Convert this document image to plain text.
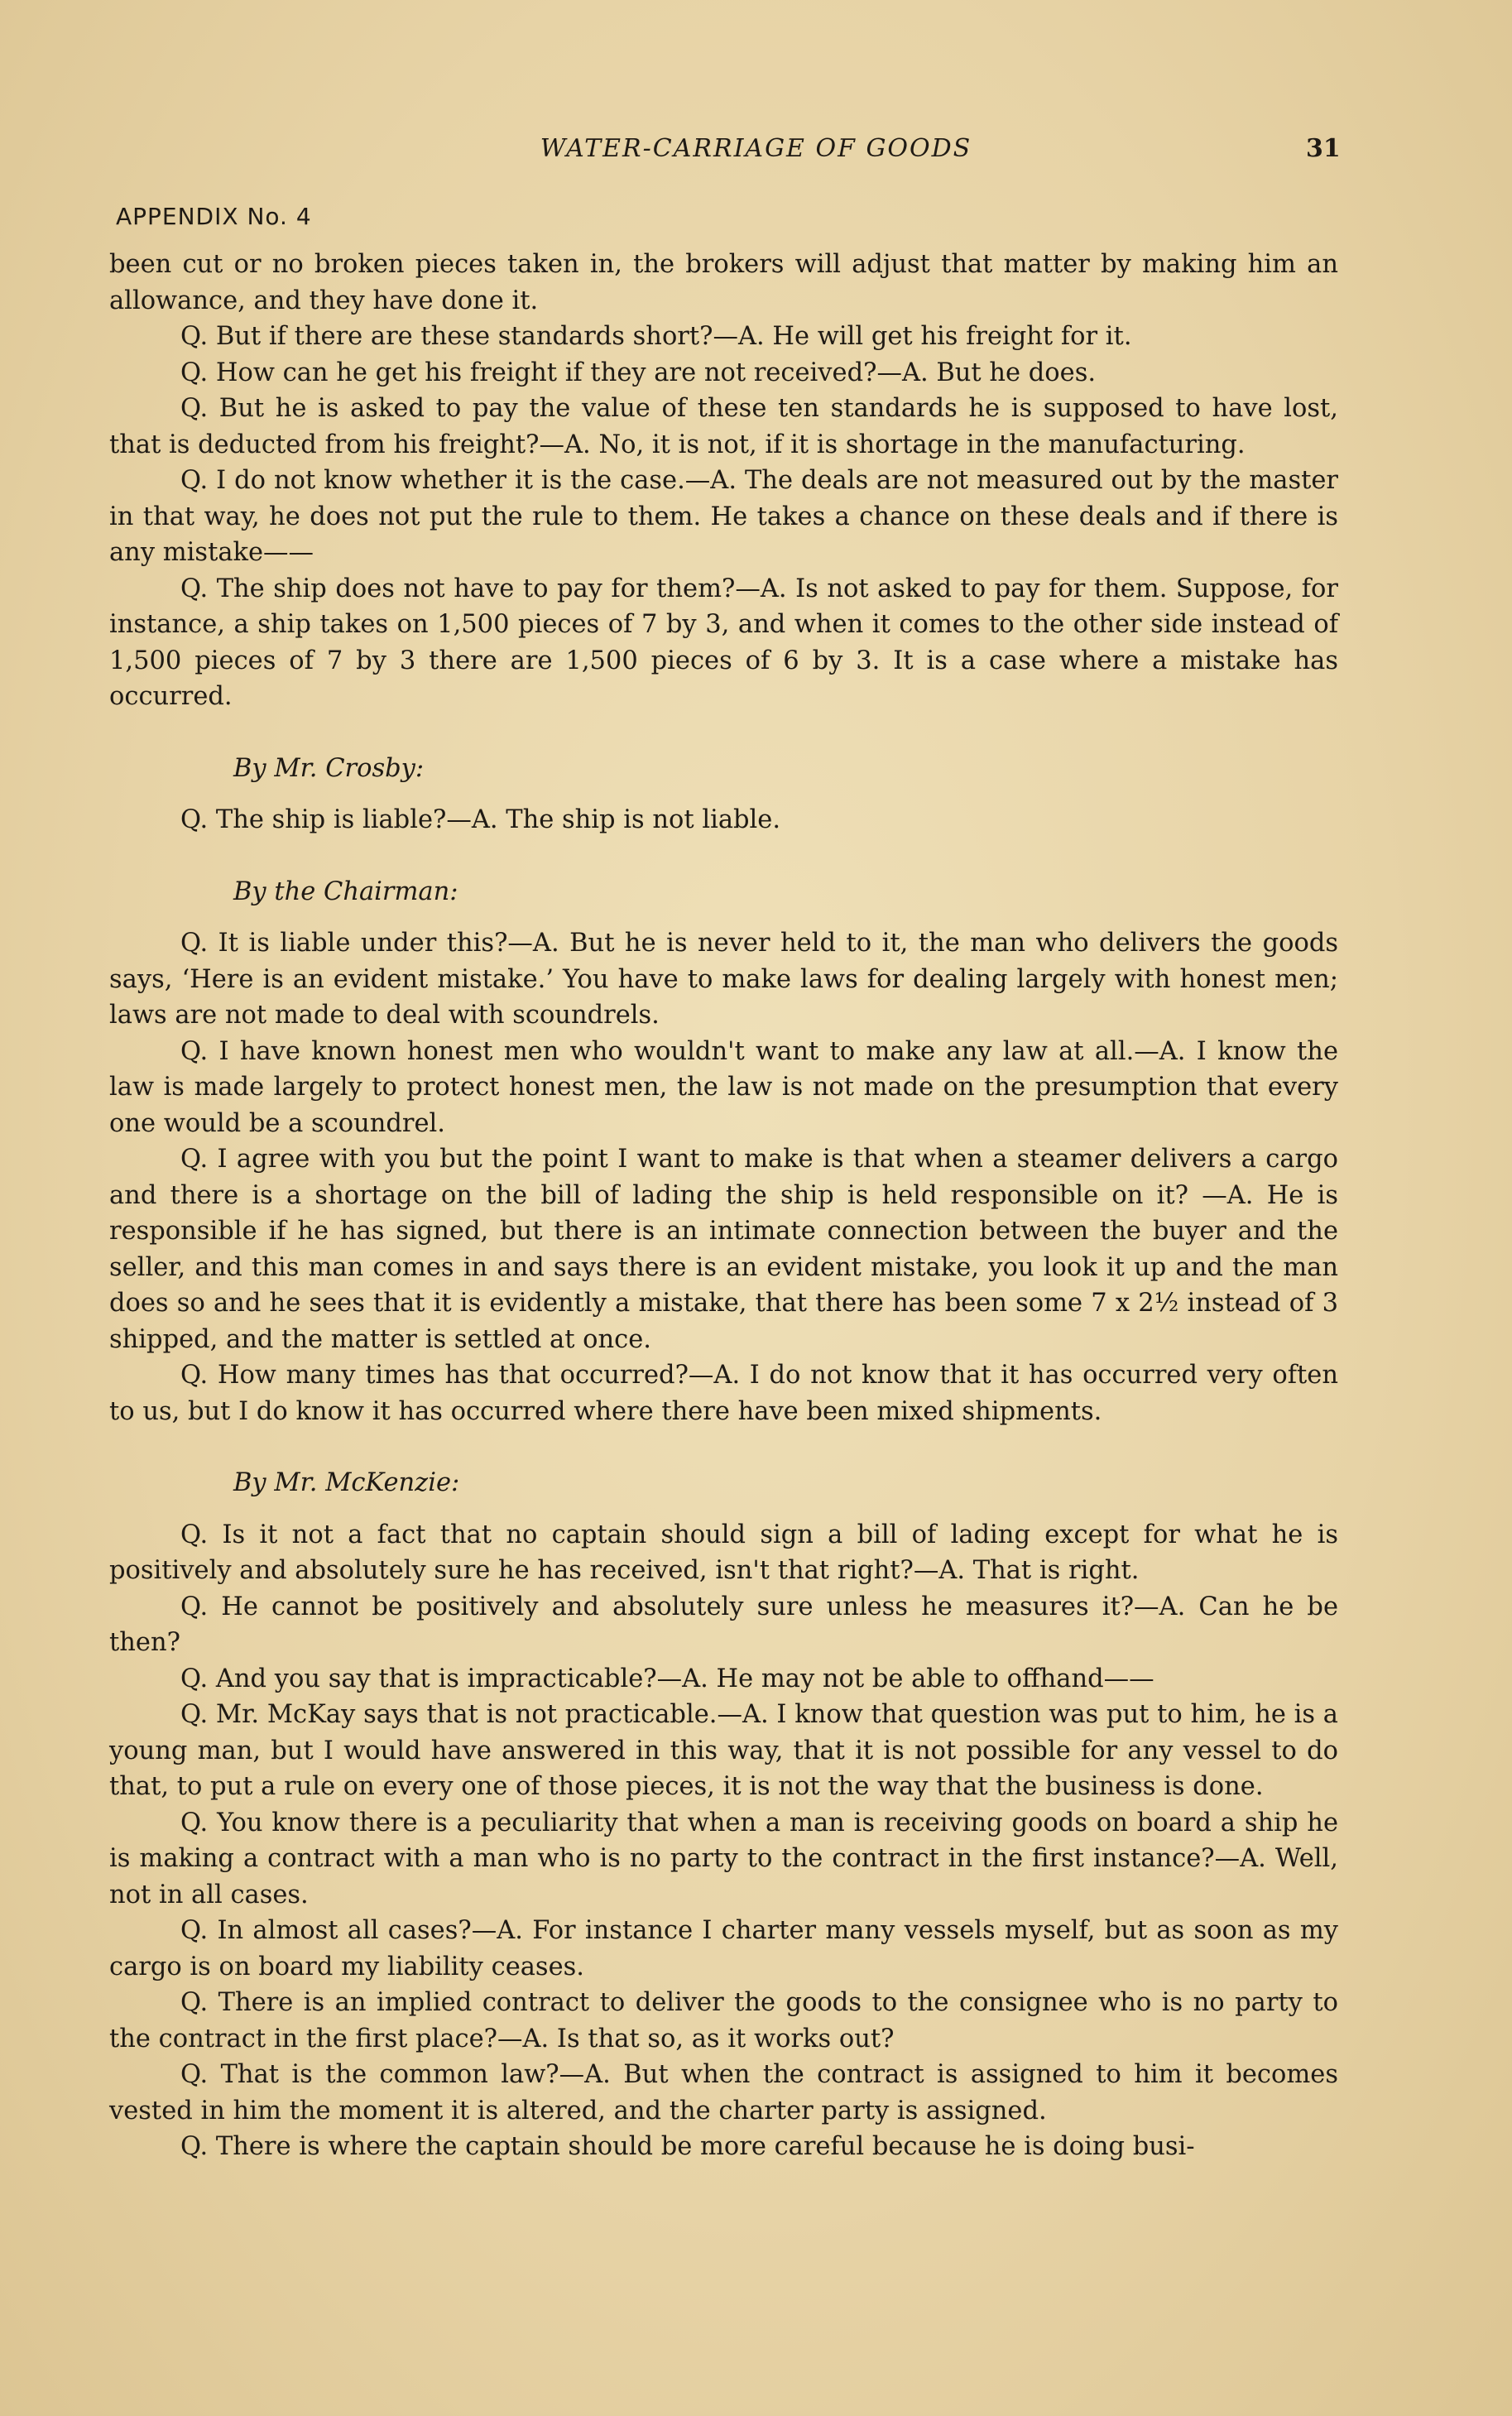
WATER-CARRIAGE OF GOODS	31
APPENDIX No. 4

been cut or no broken pieces taken in, the brokers will adjust that matter by making him an allowance, and they have done it.

Q. But if there are these standards short?—A. He will get his freight for it.

Q. How can he get his freight if they are not received?—A. But he does.

Q. But he is asked to pay the value of these ten standards he is supposed to have lost, that is deducted from his freight?—A. No, it is not, if it is shortage in the manufacturing.

Q. I do not know whether it is the case.—A. The deals are not measured out by the master in that way, he does not put the rule to them. He takes a chance on these deals and if there is any mistake——

Q. The ship does not have to pay for them?—A. Is not asked to pay for them. Suppose, for instance, a ship takes on 1,500 pieces of 7 by 3, and when it comes to the other side instead of 1,500 pieces of 7 by 3 there are 1,500 pieces of 6 by 3. It is a case where a mistake has occurred.

By Mr. Crosby:

Q. The ship is liable?—A. The ship is not liable.

By the Chairman:

Q. It is liable under this?—A. But he is never held to it, the man who delivers the goods says, ‘Here is an evident mistake.’ You have to make laws for dealing largely with honest men; laws are not made to deal with scoundrels.

Q. I have known honest men who wouldn't want to make any law at all.—A. I know the law is made largely to protect honest men, the law is not made on the presumption that every one would be a scoundrel.

Q. I agree with you but the point I want to make is that when a steamer delivers a cargo and there is a shortage on the bill of lading the ship is held responsible on it? —A. He is responsible if he has signed, but there is an intimate connection between the buyer and the seller, and this man comes in and says there is an evident mistake, you look it up and the man does so and he sees that it is evidently a mistake, that there has been some 7 x 2½ instead of 3 shipped, and the matter is settled at once.

Q. How many times has that occurred?—A. I do not know that it has occurred very often to us, but I do know it has occurred where there have been mixed shipments.

By Mr. McKenzie:

Q. Is it not a fact that no captain should sign a bill of lading except for what he is positively and absolutely sure he has received, isn't that right?—A. That is right.

Q. He cannot be positively and absolutely sure unless he measures it?—A. Can he be then?

Q. And you say that is impracticable?—A. He may not be able to offhand——

Q. Mr. McKay says that is not practicable.—A. I know that question was put to him, he is a young man, but I would have answered in this way, that it is not possible for any vessel to do that, to put a rule on every one of those pieces, it is not the way that the business is done.

Q. You know there is a peculiarity that when a man is receiving goods on board a ship he is making a contract with a man who is no party to the contract in the first instance?—A. Well, not in all cases.

Q. In almost all cases?—A. For instance I charter many vessels myself, but as soon as my cargo is on board my liability ceases.

Q. There is an implied contract to deliver the goods to the consignee who is no party to the contract in the first place?—A. Is that so, as it works out?

Q. That is the common law?—A. But when the contract is assigned to him it becomes vested in him the moment it is altered, and the charter party is assigned.

Q. There is where the captain should be more careful because he is doing busi-
